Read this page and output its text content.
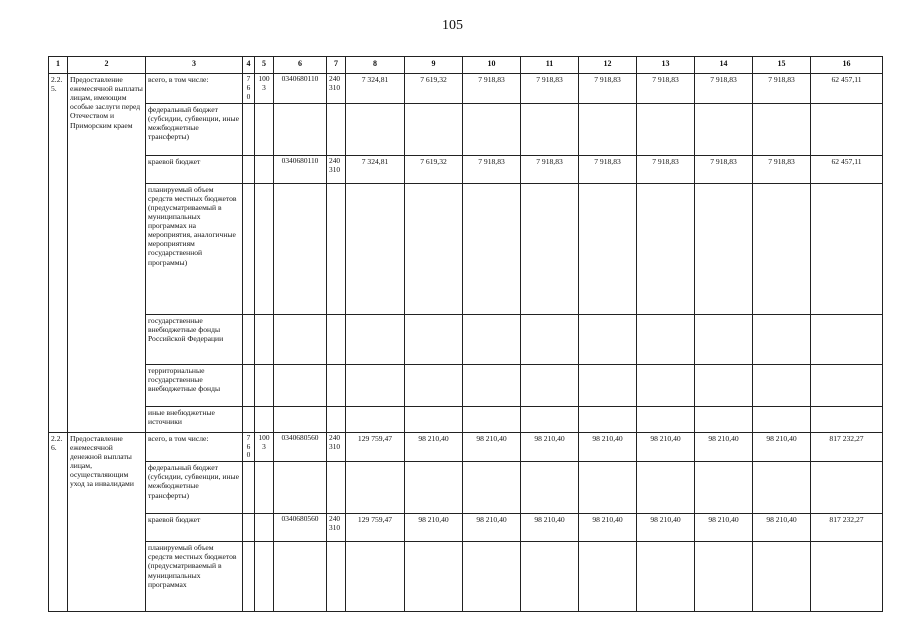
105
1	2	3	4	5	6	7	8	9	10	11	12	13	14	15	16
2.2.5.	Предоставление ежемесячной выплаты лицам, имеющим особые заслуги перед Отечеством и Приморским краем	всего, в том числе:	760	1003	0340680110	240 310	7 324,81	7 619,32	7 918,83	7 918,83	7 918,83	7 918,83	7 918,83	7 918,83	62 457,11
		федеральный бюджет (субсидии, субвенции, иные межбюджетные трансферты)													
		краевой бюджет			0340680110	240 310	7 324,81	7 619,32	7 918,83	7 918,83	7 918,83	7 918,83	7 918,83	7 918,83	62 457,11
		планируемый объем средств местных бюджетов (предусматриваемый в муниципальных программах на мероприятия, аналогичные мероприятиям государственной программы)													
		государственные внебюджетные фонды Российской Федерации													
		территориальные государственные внебюджетные фонды													
		иные внебюджетные источники													
2.2.6.	Предоставление ежемесячной денежной выплаты лицам, осуществляющим уход за инвалидами	всего, в том числе:	760	1003	0340680560	240 310	129 759,47	98 210,40	98 210,40	98 210,40	98 210,40	98 210,40	98 210,40	98 210,40	817 232,27
		федеральный бюджет (субсидии, субвенции, иные межбюджетные трансферты)													
		краевой бюджет			0340680560	240 310	129 759,47	98 210,40	98 210,40	98 210,40	98 210,40	98 210,40	98 210,40	98 210,40	817 232,27
		планируемый объем средств местных бюджетов (предусматриваемый в муниципальных программах													
